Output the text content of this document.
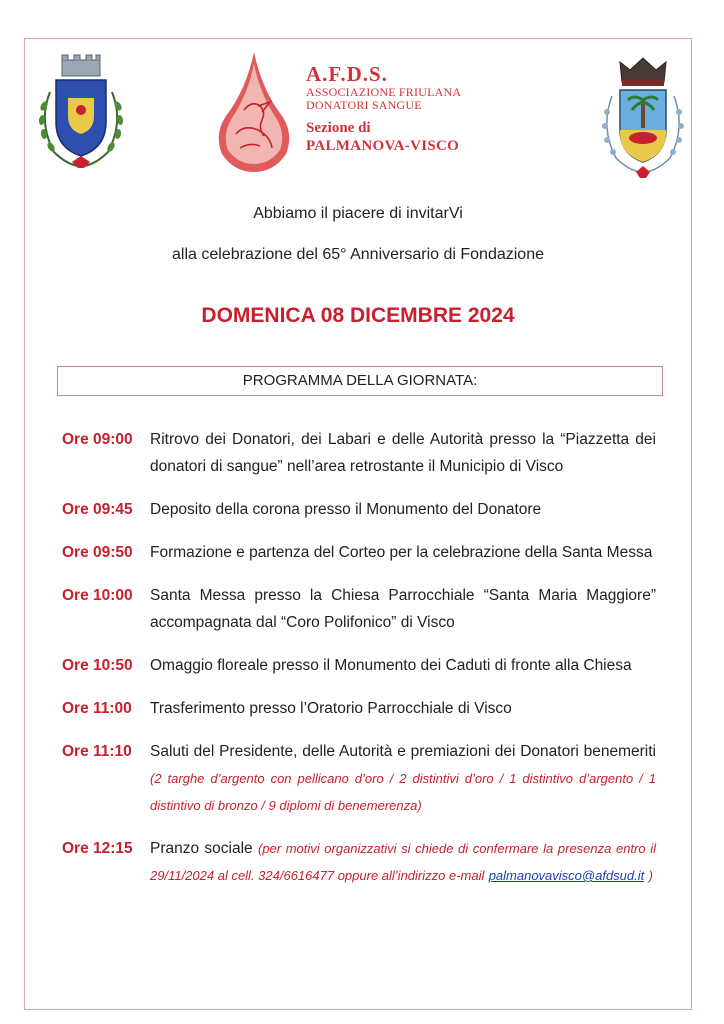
A.F.D.S.
ASSOCIAZIONE FRIULANA
DONATORI SANGUE
Sezione di
PALMANOVA-VISCO
Abbiamo il piacere di invitarVi
alla celebrazione del 65° Anniversario di Fondazione
DOMENICA 08 DICEMBRE 2024
PROGRAMMA DELLA GIORNATA:
Ore 09:00	Ritrovo dei Donatori, dei Labari e delle Autorità presso la “Piazzetta dei donatori di sangue” nell’area retrostante il Municipio di Visco
Ore 09:45	Deposito della corona presso il Monumento del Donatore
Ore 09:50	Formazione e partenza del Corteo per la celebrazione della Santa Messa
Ore 10:00	Santa Messa presso la Chiesa Parrocchiale “Santa Maria Maggiore” accompagnata dal “Coro Polifonico” di Visco
Ore 10:50	Omaggio floreale presso il Monumento dei Caduti di fronte alla Chiesa
Ore 11:00	Trasferimento presso l’Oratorio Parrocchiale di Visco
Ore 11:10	Saluti del Presidente, delle Autorità e premiazioni dei Donatori benemeriti (2 targhe d’argento con pellicano d’oro / 2 distintivi d’oro / 1 distintivo d’argento / 1 distintivo di bronzo / 9 diplomi di benemerenza)
Ore 12:15	Pranzo sociale (per motivi organizzativi si chiede di confermare la presenza entro il 29/11/2024 al cell. 324/6616477 oppure all’indirizzo e-mail palmanovavisco@afdsud.it )
